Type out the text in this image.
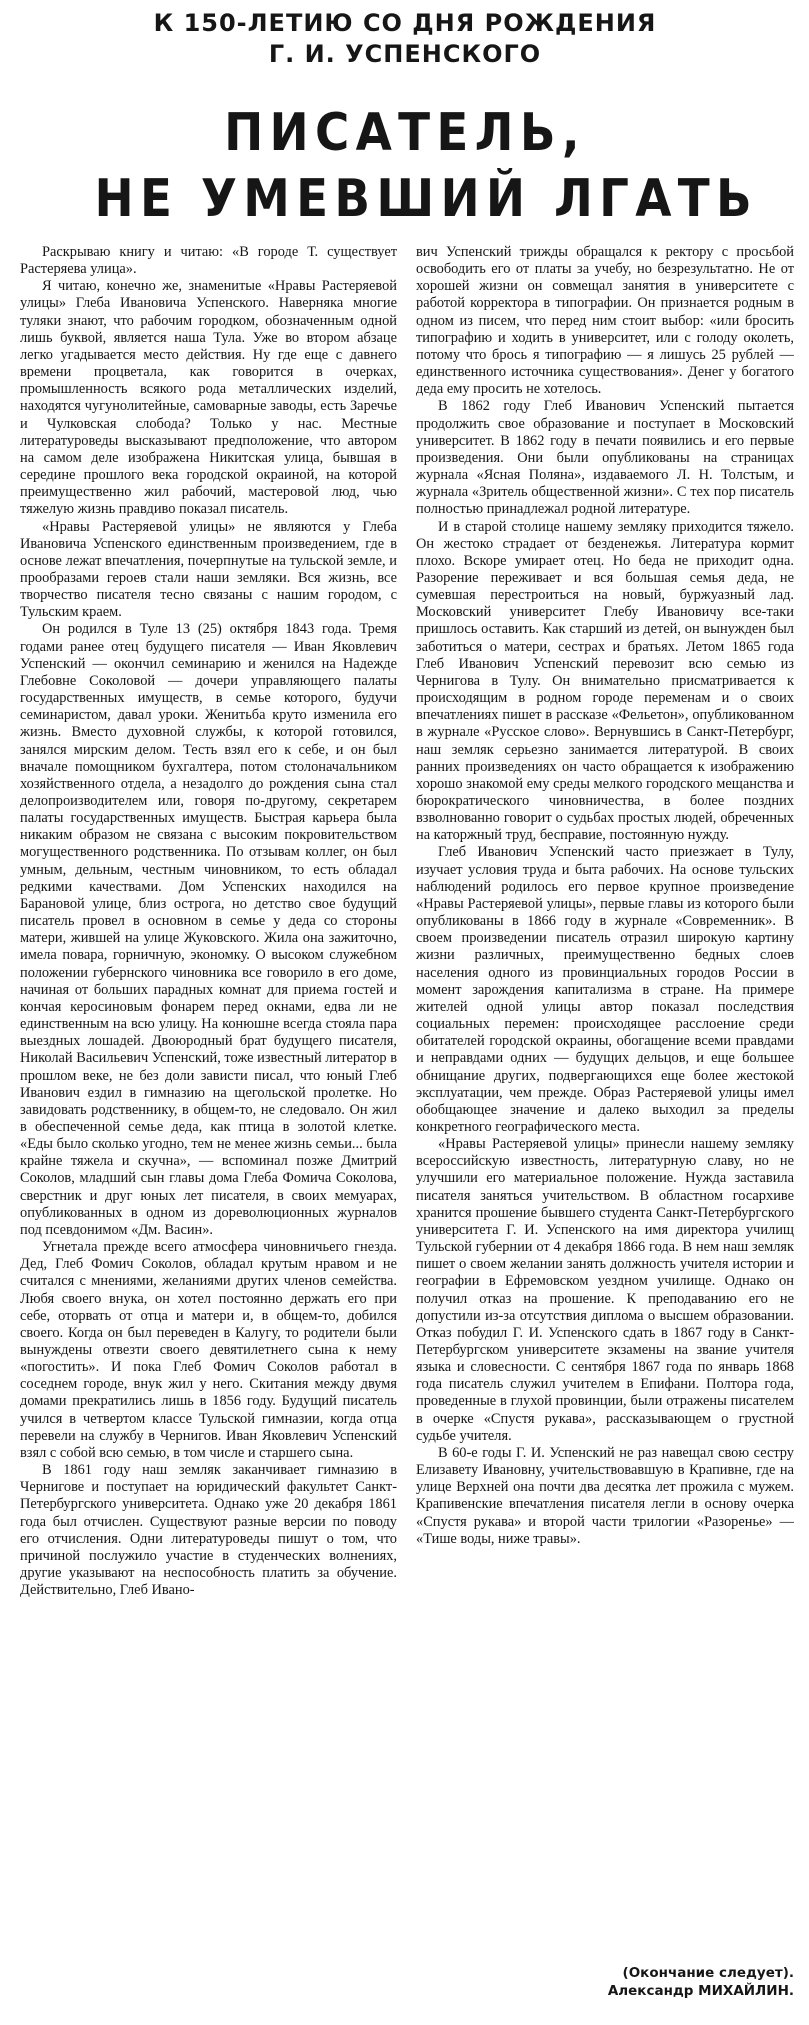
К 150-ЛЕТИЮ СО ДНЯ РОЖДЕНИЯ
Г. И. УСПЕНСКОГО
ПИСАТЕЛЬ,
НЕ УМЕВШИЙ ЛГАТЬ

Раскрываю книгу и читаю: «В городе Т. существует Растеряева улица».

Я читаю, конечно же, знаменитые «Нравы Растеряевой улицы» Глеба Ивановича Успенского. Наверняка многие туляки знают, что рабочим городком, обозначенным одной лишь буквой, является наша Тула. Уже во втором абзаце легко угадывается место действия. Ну где еще с давнего времени процветала, как говорится в очерках, промышленность всякого рода металлических изделий, находятся чугунолитейные, самоварные заводы, есть Заречье и Чулковская слобода? Только у нас. Местные литературоведы высказывают предположение, что автором на самом деле изображена Никитская улица, бывшая в середине прошлого века городской окраиной, на которой преимущественно жил рабочий, мастеровой люд, чью тяжелую жизнь правдиво показал писатель.

«Нравы Растеряевой улицы» не являются у Глеба Ивановича Успенского единственным произведением, где в основе лежат впечатления, почерпнутые на тульской земле, и прообразами героев стали наши земляки. Вся жизнь, все творчество писателя тесно связаны с нашим городом, с Тульским краем.

Он родился в Туле 13 (25) октября 1843 года. Тремя годами ранее отец будущего писателя — Иван Яковлевич Успенский — окончил семинарию и женился на Надежде Глебовне Соколовой — дочери управляющего палаты государственных имуществ, в семье которого, будучи семинаристом, давал уроки. Женитьба круто изменила его жизнь. Вместо духовной службы, к которой готовился, занялся мирским делом. Тесть взял его к себе, и он был вначале помощником бухгалтера, потом столоначальником хозяйственного отдела, а незадолго до рождения сына стал делопроизводителем или, говоря по-другому, секретарем палаты государственных имуществ. Быстрая карьера была никаким образом не связана с высоким покровительством могущественного родственника. По отзывам коллег, он был умным, дельным, честным чиновником, то есть обладал редкими качествами. Дом Успенских находился на Барановой улице, близ острога, но детство свое будущий писатель провел в основном в семье у деда со стороны матери, жившей на улице Жуковского. Жила она зажиточно, имела повара, горничную, экономку. О высоком служебном положении губернского чиновника все говорило в его доме, начиная от больших парадных комнат для приема гостей и кончая керосиновым фонарем перед окнами, едва ли не единственным на всю улицу. На конюшне всегда стояла пара выездных лошадей. Двоюродный брат будущего писателя, Николай Васильевич Успенский, тоже известный литератор в прошлом веке, не без доли зависти писал, что юный Глеб Иванович ездил в гимназию на щегольской пролетке. Но завидовать родственнику, в общем-то, не следовало. Он жил в обеспеченной семье деда, как птица в золотой клетке. «Еды было сколько угодно, тем не менее жизнь семьи... была крайне тяжела и скучна», — вспоминал позже Дмитрий Соколов, младший сын главы дома Глеба Фомича Соколова, сверстник и друг юных лет писателя, в своих мемуарах, опубликованных в одном из дореволюционных журналов под псевдонимом «Дм. Васин».

Угнетала прежде всего атмосфера чиновничьего гнезда. Дед, Глеб Фомич Соколов, обладал крутым нравом и не считался с мнениями, желаниями других членов семейства. Любя своего внука, он хотел постоянно держать его при себе, оторвать от отца и матери и, в общем-то, добился своего. Когда он был переведен в Калугу, то родители были вынуждены отвезти своего девятилетнего сына к нему «погостить». И пока Глеб Фомич Соколов работал в соседнем городе, внук жил у него. Скитания между двумя домами прекратились лишь в 1856 году. Будущий писатель учился в четвертом классе Тульской гимназии, когда отца перевели на службу в Чернигов. Иван Яковлевич Успенский взял с собой всю семью, в том числе и старшего сына.

В 1861 году наш земляк заканчивает гимназию в Чернигове и поступает на юридический факультет Санкт-Петербургского университета. Однако уже 20 декабря 1861 года был отчислен. Существуют разные версии по поводу его отчисления. Одни литературоведы пишут о том, что причиной послужило участие в студенческих волнениях, другие указывают на неспособность платить за обучение. Действительно, Глеб Ивано-

вич Успенский трижды обращался к ректору с просьбой освободить его от платы за учебу, но безрезультатно. Не от хорошей жизни он совмещал занятия в университете с работой корректора в типографии. Он признается родным в одном из писем, что перед ним стоит выбор: «или бросить типографию и ходить в университет, или с голоду околеть, потому что брось я типографию — я лишусь 25 рублей — единственного источника существования». Денег у богатого деда ему просить не хотелось.

В 1862 году Глеб Иванович Успенский пытается продолжить свое образование и поступает в Московский университет. В 1862 году в печати появились и его первые произведения. Они были опубликованы на страницах журнала «Ясная Поляна», издаваемого Л. Н. Толстым, и журнала «Зритель общественной жизни». С тех пор писатель полностью принадлежал родной литературе.

И в старой столице нашему земляку приходится тяжело. Он жестоко страдает от безденежья. Литература кормит плохо. Вскоре умирает отец. Но беда не приходит одна. Разорение переживает и вся большая семья деда, не сумевшая перестроиться на новый, буржуазный лад. Московский университет Глебу Ивановичу все-таки пришлось оставить. Как старший из детей, он вынужден был заботиться о матери, сестрах и братьях. Летом 1865 года Глеб Иванович Успенский перевозит всю семью из Чернигова в Тулу. Он внимательно присматривается к происходящим в родном городе переменам и о своих впечатлениях пишет в рассказе «Фельетон», опубликованном в журнале «Русское слово». Вернувшись в Санкт-Петербург, наш земляк серьезно занимается литературой. В своих ранних произведениях он часто обращается к изображению хорошо знакомой ему среды мелкого городского мещанства и бюрократического чиновничества, в более поздних взволнованно говорит о судьбах простых людей, обреченных на каторжный труд, бесправие, постоянную нужду.

Глеб Иванович Успенский часто приезжает в Тулу, изучает условия труда и быта рабочих. На основе тульских наблюдений родилось его первое крупное произведение «Нравы Растеряевой улицы», первые главы из которого были опубликованы в 1866 году в журнале «Современник». В своем произведении писатель отразил широкую картину жизни различных, преимущественно бедных слоев населения одного из провинциальных городов России в момент зарождения капитализма в стране. На примере жителей одной улицы автор показал последствия социальных перемен: происходящее расслоение среди обитателей городской окраины, обогащение всеми правдами и неправдами одних — будущих дельцов, и еще большее обнищание других, подвергающихся еще более жестокой эксплуатации, чем прежде. Образ Растеряевой улицы имел обобщающее значение и далеко выходил за пределы конкретного географического места.

«Нравы Растеряевой улицы» принесли нашему земляку всероссийскую известность, литературную славу, но не улучшили его материальное положение. Нужда заставила писателя заняться учительством. В областном госархиве хранится прошение бывшего студента Санкт-Петербургского университета Г. И. Успенского на имя директора училищ Тульской губернии от 4 декабря 1866 года. В нем наш земляк пишет о своем желании занять должность учителя истории и географии в Ефремовском уездном училище. Однако он получил отказ на прошение. К преподаванию его не допустили из-за отсутствия диплома о высшем образовании. Отказ побудил Г. И. Успенского сдать в 1867 году в Санкт-Петербургском университете экзамены на звание учителя языка и словесности. С сентября 1867 года по январь 1868 года писатель служил учителем в Епифани. Полтора года, проведенные в глухой провинции, были отражены писателем в очерке «Спустя рукава», рассказывающем о грустной судьбе учителя.

В 60-е годы Г. И. Успенский не раз навещал свою сестру Елизавету Ивановну, учительствовавшую в Крапивне, где на улице Верхней она почти два десятка лет прожила с мужем. Крапивенские впечатления писателя легли в основу очерка «Спустя рукава» и второй части трилогии «Разоренье» — «Тише воды, ниже травы».

(Окончание следует).
Александр МИХАЙЛИН.
